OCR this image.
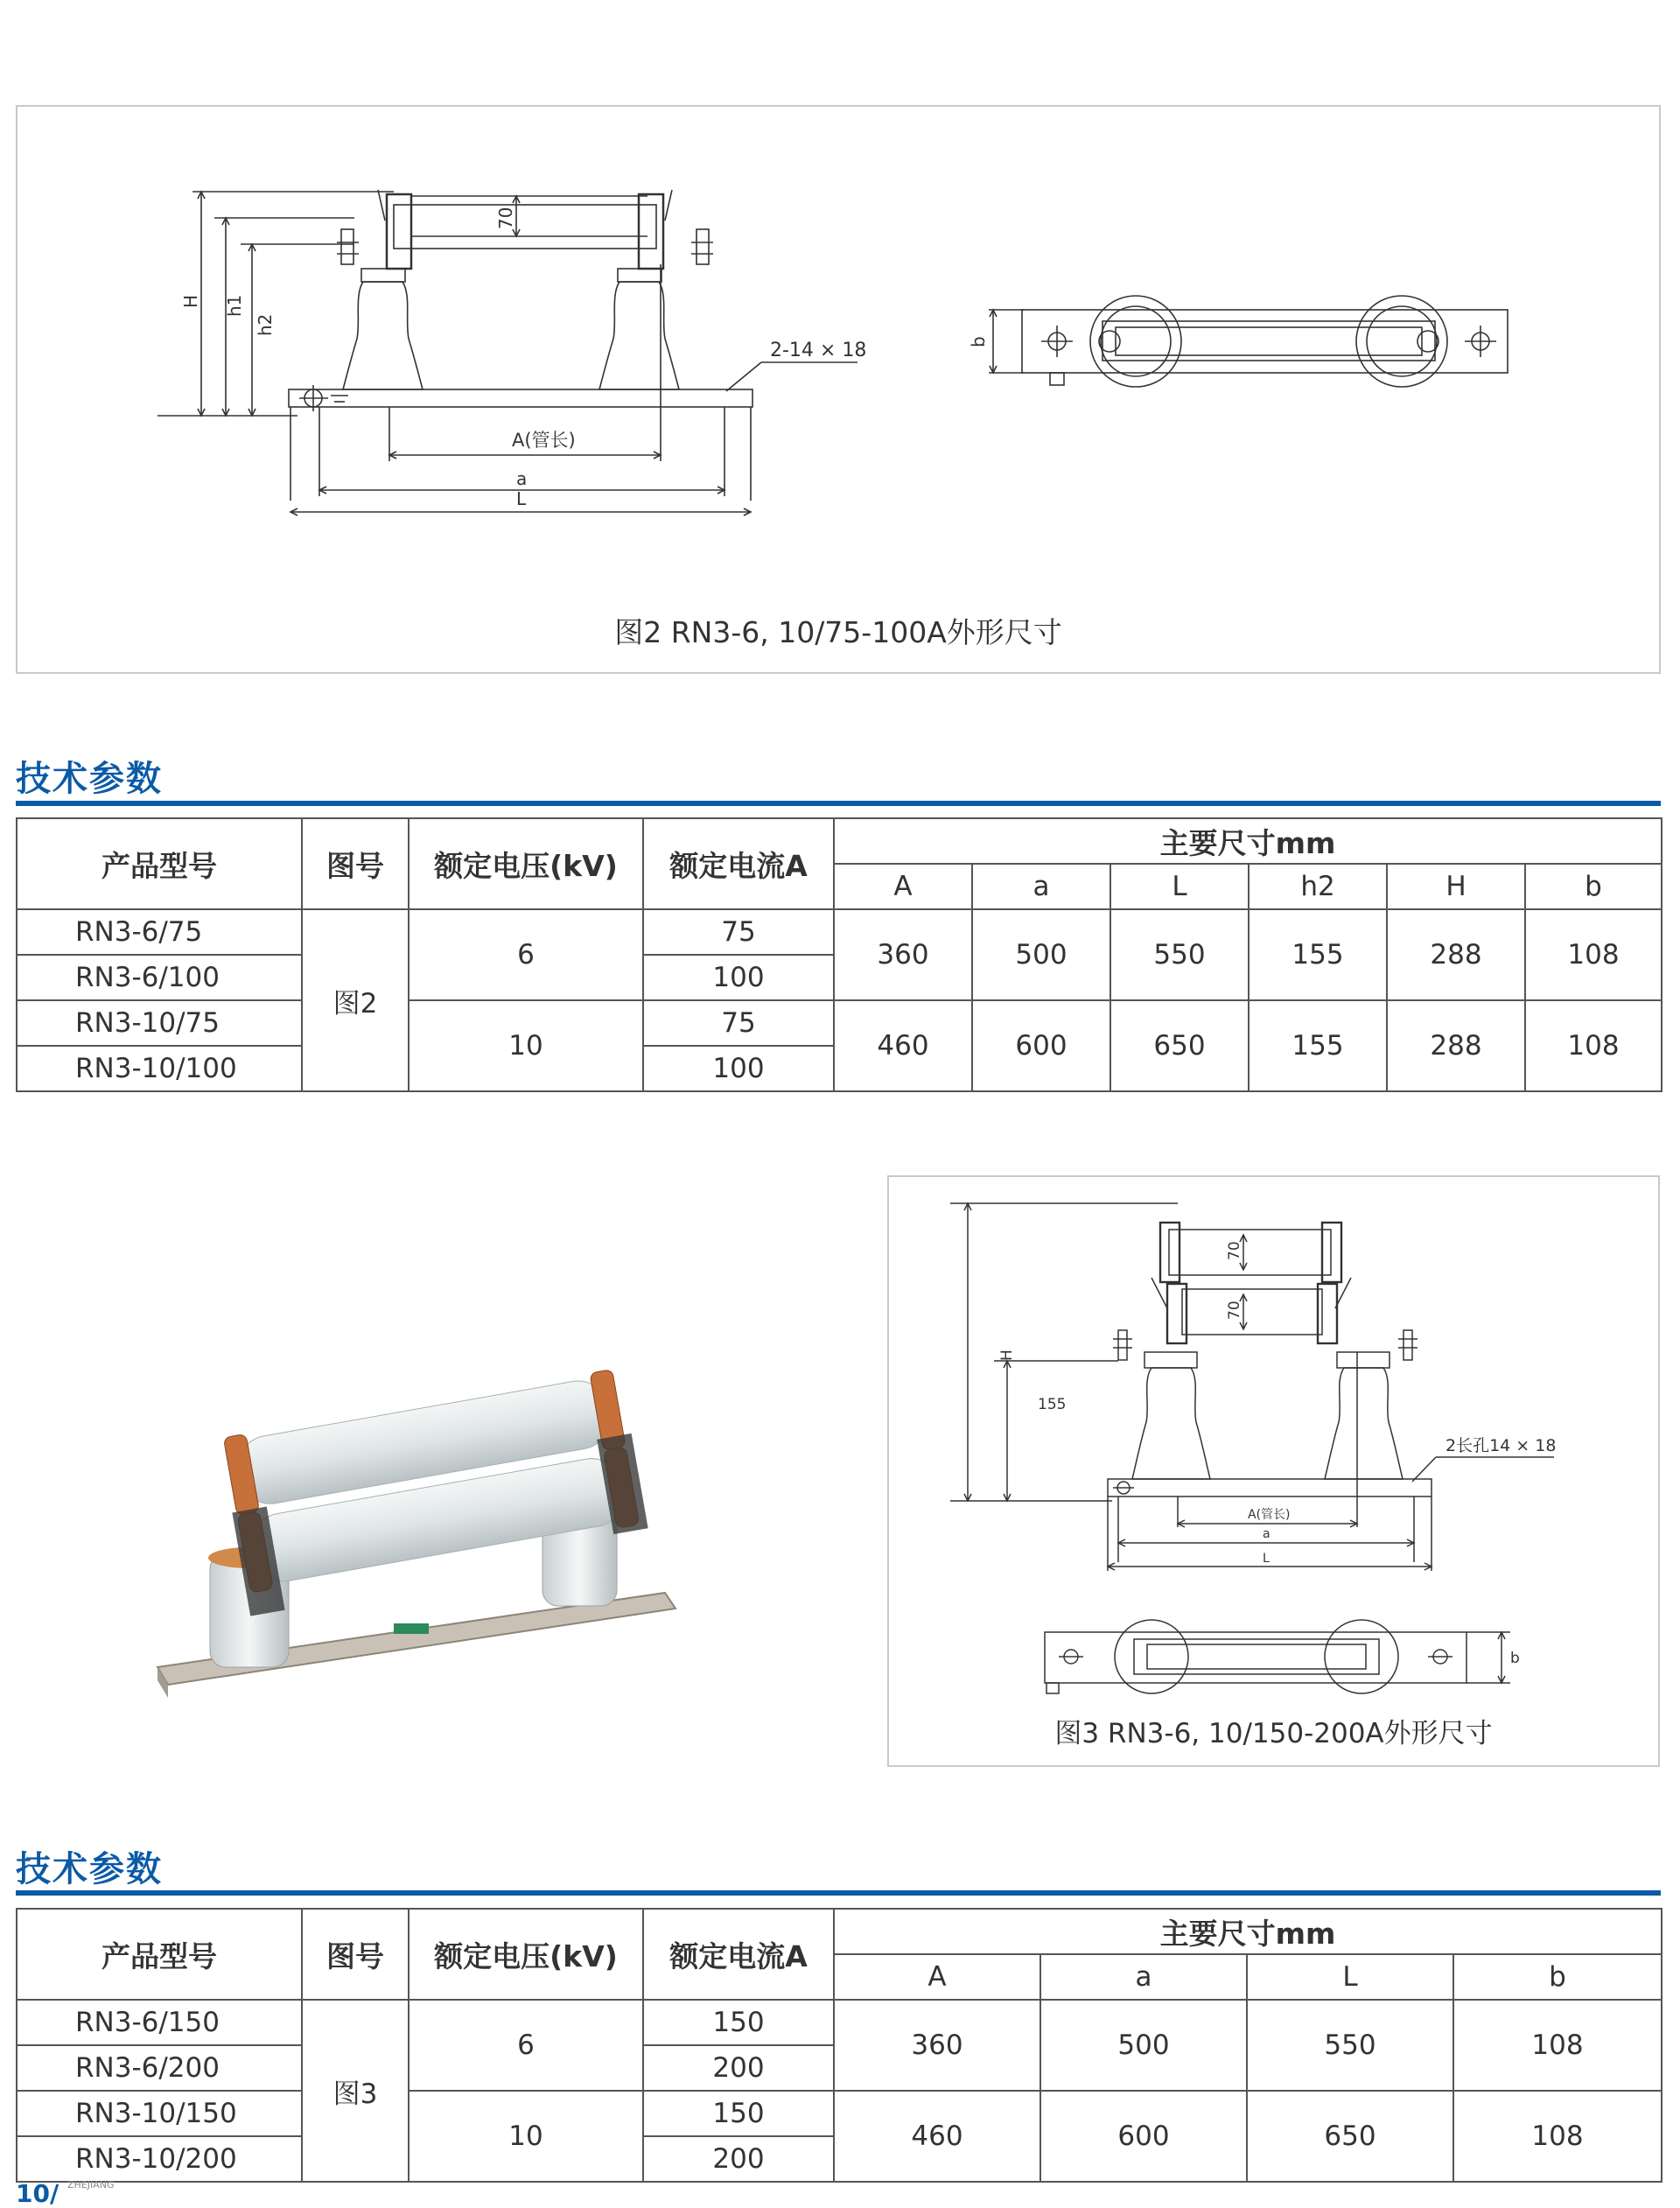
H h1
h2
70
2-14 × 18
A(管长)
a
L
b
图2 RN3-6, 10/75-100A外形尺寸
技术参数
产品型号	图号	额定电压(kV)	额定电流A	主要尺寸mm					
				A	a	L	h2	H	b
RN3-6/75	图2	6	75	360	500	550	155	288	108
RN3-6/100			100						
RN3-10/75		10	75	460	600	650	155	288	108
RN3-10/100			100						
H
155
70
70
2长孔14 × 18
A(管长)
a
L
b
图3 RN3-6, 10/150-200A外形尺寸
技术参数
产品型号	图号	额定电压(kV)	额定电流A	主要尺寸mm			
				A	a	L	b
RN3-6/150	图3	6	150	360	500	550	108
RN3-6/200			200				
RN3-10/150		10	150	460	600	650	108
RN3-10/200			200				
10/ $^{ZHEJIANG}$
